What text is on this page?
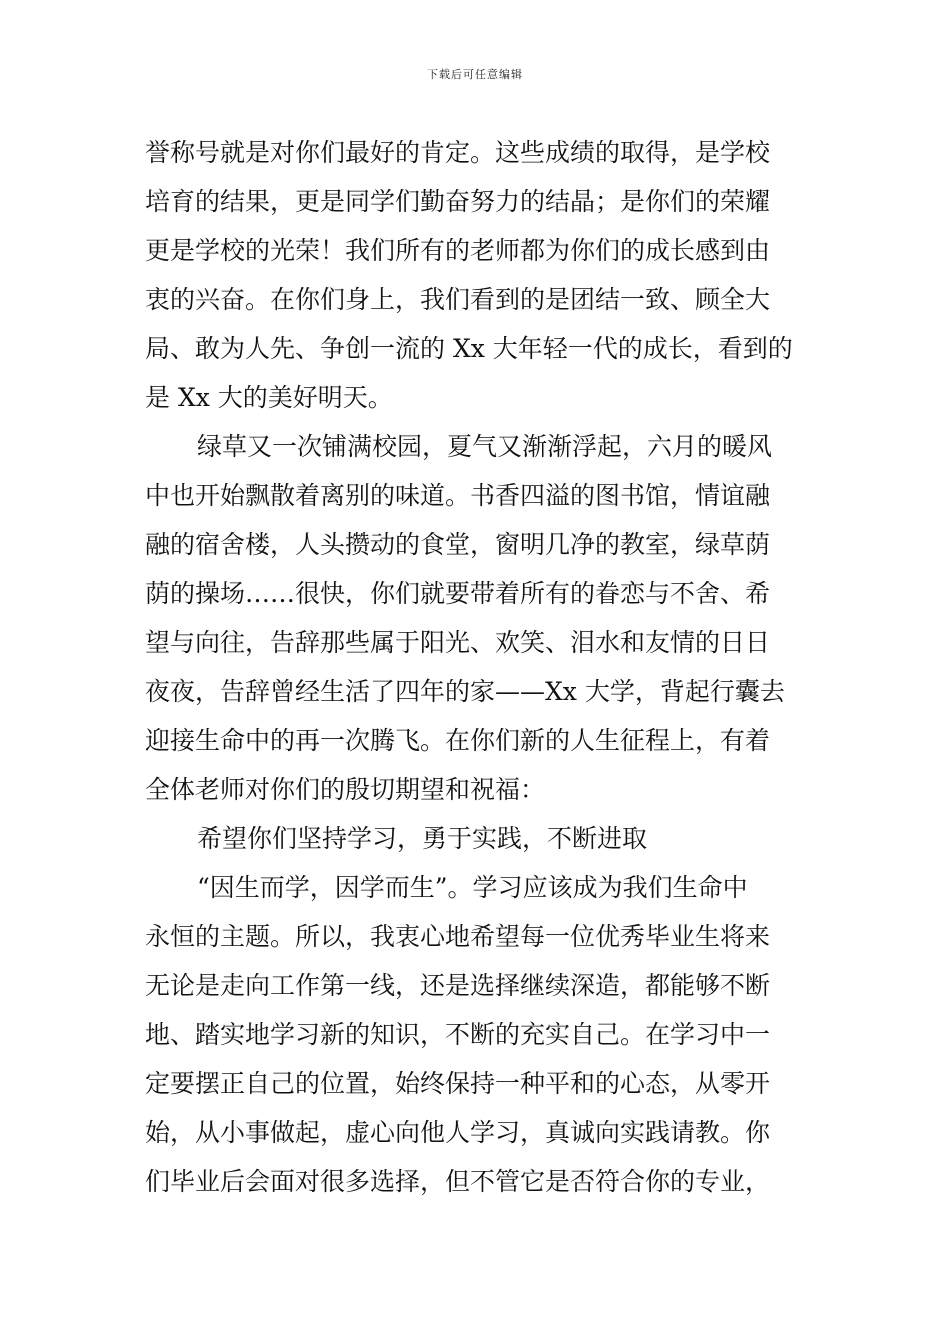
下载后可任意编辑
誉称号就是对你们最好的肯定。这些成绩的取得，是学校
培育的结果，更是同学们勤奋努力的结晶；是你们的荣耀
更是学校的光荣！我们所有的老师都为你们的成长感到由
衷的兴奋。在你们身上，我们看到的是团结一致、顾全大
局、敢为人先、争创一流的 Xx 大年轻一代的成长，看到的
是 Xx 大的美好明天。
绿草又一次铺满校园，夏气又渐渐浮起，六月的暖风
中也开始飘散着离别的味道。书香四溢的图书馆，情谊融
融的宿舍楼，人头攒动的食堂，窗明几净的教室，绿草荫
荫的操场……很快，你们就要带着所有的眷恋与不舍、希
望与向往，告辞那些属于阳光、欢笑、泪水和友情的日日
夜夜，告辞曾经生活了四年的家——Xx 大学，背起行囊去
迎接生命中的再一次腾飞。在你们新的人生征程上，有着
全体老师对你们的殷切期望和祝福：
希望你们坚持学习，勇于实践，不断进取
“因生而学，因学而生”。学习应该成为我们生命中
永恒的主题。所以，我衷心地希望每一位优秀毕业生将来
无论是走向工作第一线，还是选择继续深造，都能够不断
地、踏实地学习新的知识，不断的充实自己。在学习中一
定要摆正自己的位置，始终保持一种平和的心态，从零开
始，从小事做起，虚心向他人学习，真诚向实践请教。你
们毕业后会面对很多选择，但不管它是否符合你的专业，
